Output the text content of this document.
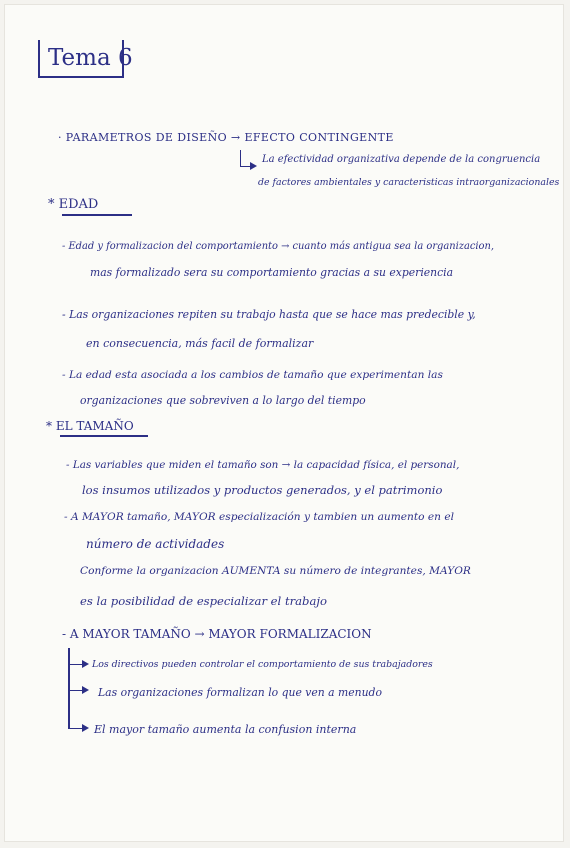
Tema 6
· PARAMETROS DE DISEÑO → EFECTO CONTINGENTE
La efectividad organizativa depende de la congruencia
de factores ambientales y caracteristicas intraorganizacionales
* EDAD
- Edad y formalizacion del comportamiento → cuanto más antigua sea la organizacion,
mas formalizado sera su comportamiento gracias a su experiencia
- Las organizaciones repiten su trabajo hasta que se hace mas predecible y,
en consecuencia, más facil de formalizar
- La edad esta asociada a los cambios de tamaño que experimentan las
organizaciones que sobreviven a lo largo del tiempo
* EL TAMAÑO
- Las variables que miden el tamaño son → la capacidad física, el personal,
los insumos utilizados y productos generados, y el patrimonio
- A MAYOR tamaño, MAYOR especialización y tambien un aumento en el
número de actividades
Conforme la organizacion AUMENTA su número de integrantes, MAYOR
es la posibilidad de especializar el trabajo
- A MAYOR TAMAÑO → MAYOR FORMALIZACION
Los directivos pueden controlar el comportamiento de sus trabajadores
Las organizaciones formalizan lo que ven a menudo
El mayor tamaño aumenta la confusion interna
